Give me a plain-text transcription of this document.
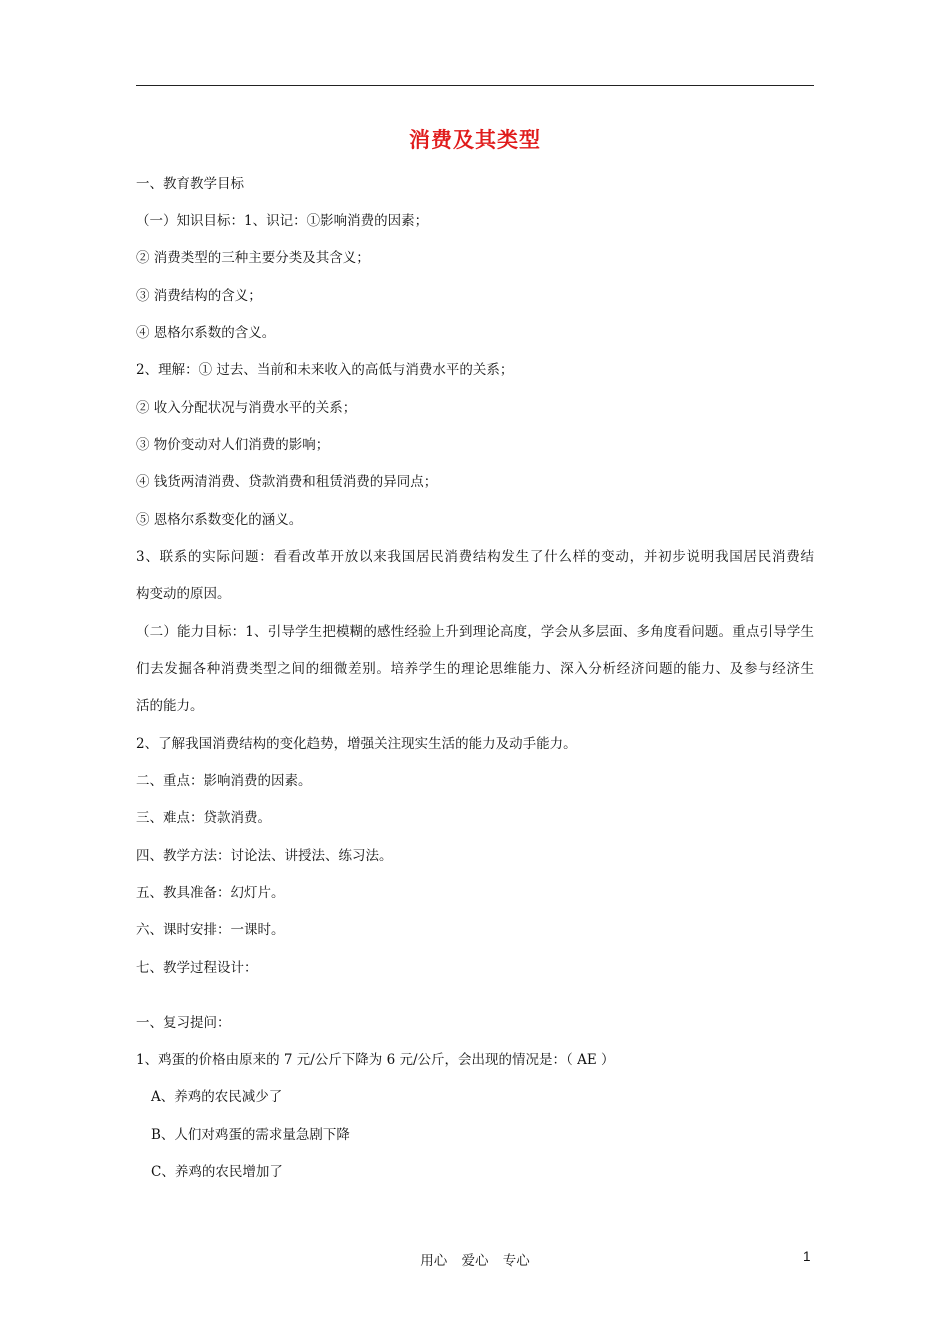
消费及其类型
一、教育教学目标
（一）知识目标：1、识记：①影响消费的因素；
② 消费类型的三种主要分类及其含义；
③ 消费结构的含义；
④ 恩格尔系数的含义。
2、理解：① 过去、当前和未来收入的高低与消费水平的关系；
② 收入分配状况与消费水平的关系；
③ 物价变动对人们消费的影响；
④ 钱货两清消费、贷款消费和租赁消费的异同点；
⑤ 恩格尔系数变化的涵义。
3、联系的实际问题：看看改革开放以来我国居民消费结构发生了什么样的变动，并初步说明我国居民消费结
构变动的原因。
（二）能力目标：1、引导学生把模糊的感性经验上升到理论高度，学会从多层面、多角度看问题。重点引导学生
们去发掘各种消费类型之间的细微差别。培养学生的理论思维能力、深入分析经济问题的能力、及参与经济生
活的能力。
2、了解我国消费结构的变化趋势，增强关注现实生活的能力及动手能力。
二、重点：影响消费的因素。
三、难点：贷款消费。
四、教学方法：讨论法、讲授法、练习法。
五、教具准备：幻灯片。
六、课时安排：一课时。
七、教学过程设计：
一、复习提问：
1、鸡蛋的价格由原来的 7 元/公斤下降为 6 元/公斤，会出现的情况是：（ AE ）
A、养鸡的农民减少了
B、人们对鸡蛋的需求量急剧下降
C、养鸡的农民增加了
用心 爱心 专心	1
